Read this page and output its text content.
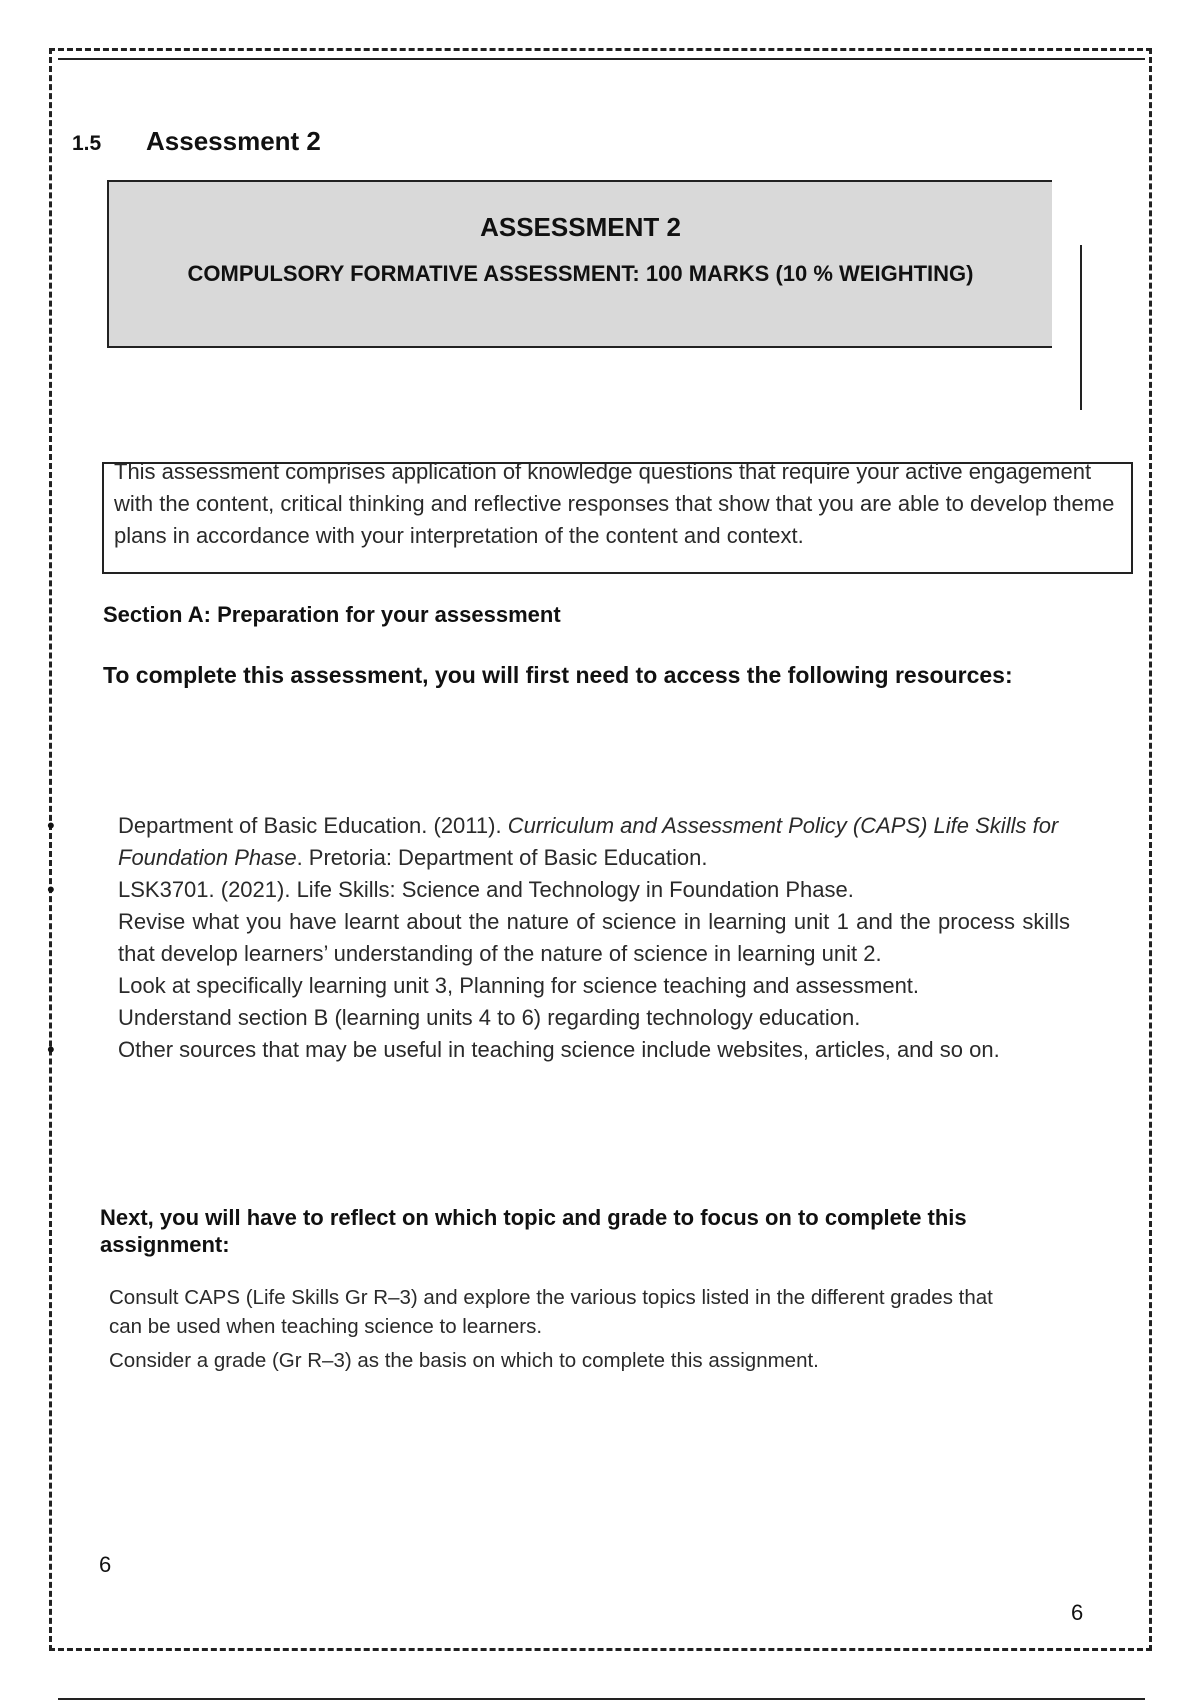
1.5	Assessment 2
ASSESSMENT 2
COMPULSORY FORMATIVE ASSESSMENT: 100 MARKS (10 % WEIGHTING)

This assessment comprises application of knowledge questions that require your active engagement with the content, critical thinking and reflective responses that show that you are able to develop theme plans in accordance with your interpretation of the content and context.

Section A: Preparation for your assessment
To complete this assessment, you will first need to access the following resources:

•	Department of Basic Education. (2011). Curriculum and Assessment Policy (CAPS) Life Skills for Foundation Phase. Pretoria: Department of Basic Education.

•	LSK3701. (2021). Life Skills: Science and Technology in Foundation Phase.

Revise what you have learnt about the nature of science in learning unit 1 and the process skills that develop learners’ understanding of the nature of science in learning unit 2.

Look at specifically learning unit 3, Planning for science teaching and assessment.

Understand section B (learning units 4 to 6) regarding technology education.

•	Other sources that may be useful in teaching science include websites, articles, and so on.

Next, you will have to reflect on which topic and grade to focus on to complete this assignment:

Consult CAPS (Life Skills Gr R–3) and explore the various topics listed in the different grades that can be used when teaching science to learners.

Consider a grade (Gr R–3) as the basis on which to complete this assignment.

6
6
